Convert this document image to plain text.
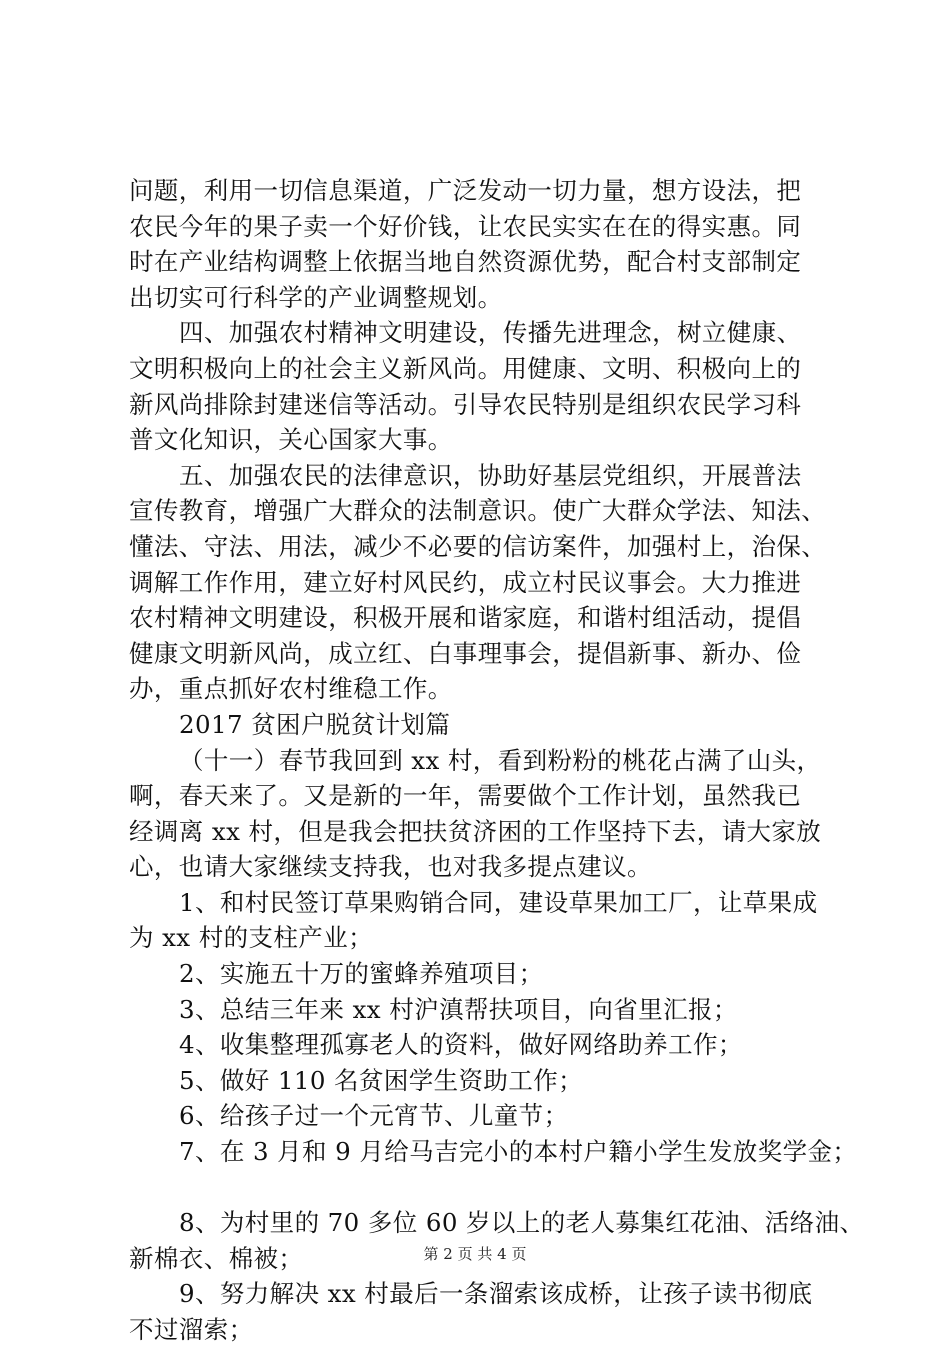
问题，利用一切信息渠道，广泛发动一切力量，想方设法，把
农民今年的果子卖一个好价钱，让农民实实在在的得实惠。同
时在产业结构调整上依据当地自然资源优势，配合村支部制定
出切实可行科学的产业调整规划。
四、加强农村精神文明建设，传播先进理念，树立健康、
文明积极向上的社会主义新风尚。用健康、文明、积极向上的
新风尚排除封建迷信等活动。引导农民特别是组织农民学习科
普文化知识，关心国家大事。
五、加强农民的法律意识，协助好基层党组织，开展普法
宣传教育，增强广大群众的法制意识。使广大群众学法、知法、
懂法、守法、用法，减少不必要的信访案件，加强村上，治保、
调解工作作用，建立好村风民约，成立村民议事会。大力推进
农村精神文明建设，积极开展和谐家庭，和谐村组活动，提倡
健康文明新风尚，成立红、白事理事会，提倡新事、新办、俭
办，重点抓好农村维稳工作。
2017 贫困户脱贫计划篇
（十一）春节我回到 xx 村，看到粉粉的桃花占满了山头，
啊，春天来了。又是新的一年，需要做个工作计划，虽然我已
经调离 xx 村，但是我会把扶贫济困的工作坚持下去，请大家放
心，也请大家继续支持我，也对我多提点建议。
1、和村民签订草果购销合同，建设草果加工厂，让草果成
为 xx 村的支柱产业；
2、实施五十万的蜜蜂养殖项目；
3、总结三年来 xx 村沪滇帮扶项目，向省里汇报；
4、收集整理孤寡老人的资料，做好网络助养工作；
5、做好 110 名贫困学生资助工作；
6、给孩子过一个元宵节、儿童节；
7、在 3 月和 9 月给马吉完小的本村户籍小学生发放奖学金；
8、为村里的 70 多位 60 岁以上的老人募集红花油、活络油、
新棉衣、棉被；
9、努力解决 xx 村最后一条溜索该成桥，让孩子读书彻底
不过溜索；
第 2 页 共 4 页
